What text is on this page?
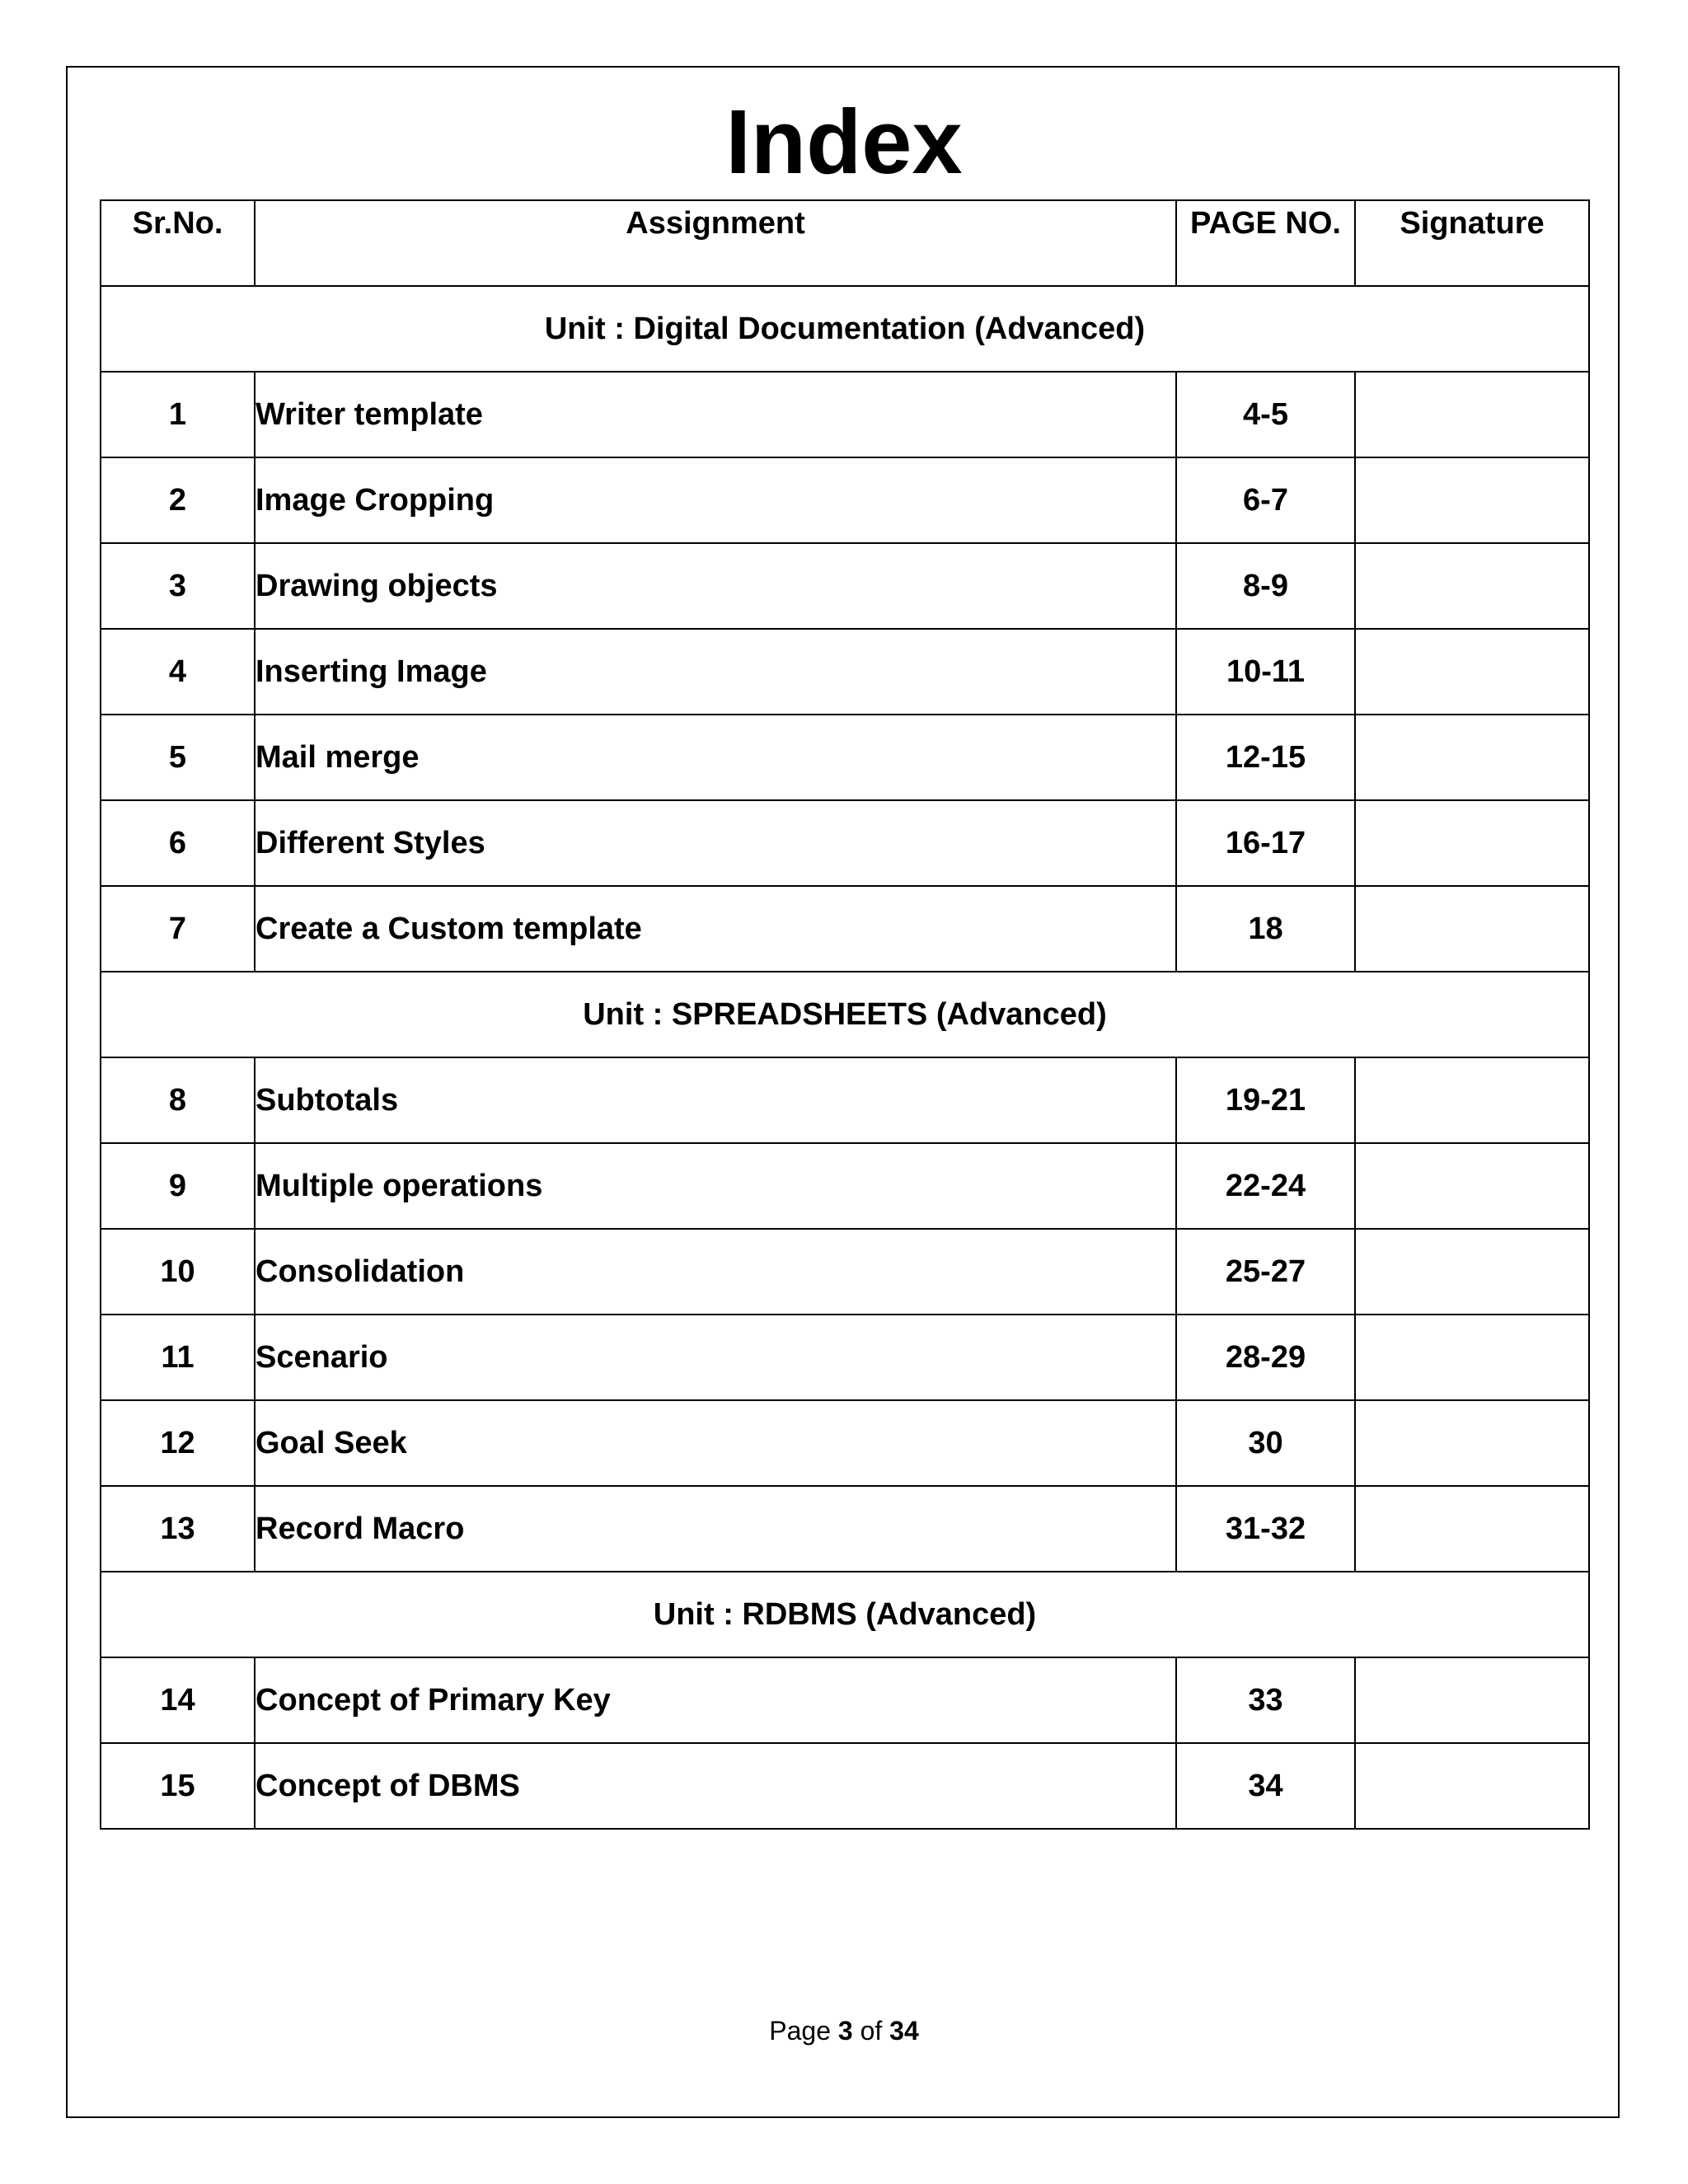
Index
Sr.No.	Assignment	PAGE NO.	Signature
Unit : Digital Documentation (Advanced)			
1	Writer template	4-5	
2	Image Cropping	6-7	
3	Drawing objects	8-9	
4	Inserting Image	10-11	
5	Mail merge	12-15	
6	Different Styles	16-17	
7	Create a Custom template	18	
Unit : SPREADSHEETS (Advanced)			
8	Subtotals	19-21	
9	Multiple operations	22-24	
10	Consolidation	25-27	
11	Scenario	28-29	
12	Goal Seek	30	
13	Record Macro	31-32	
Unit : RDBMS (Advanced)			
14	Concept of Primary Key	33	
15	Concept of DBMS	34	
Page 3 of 34
